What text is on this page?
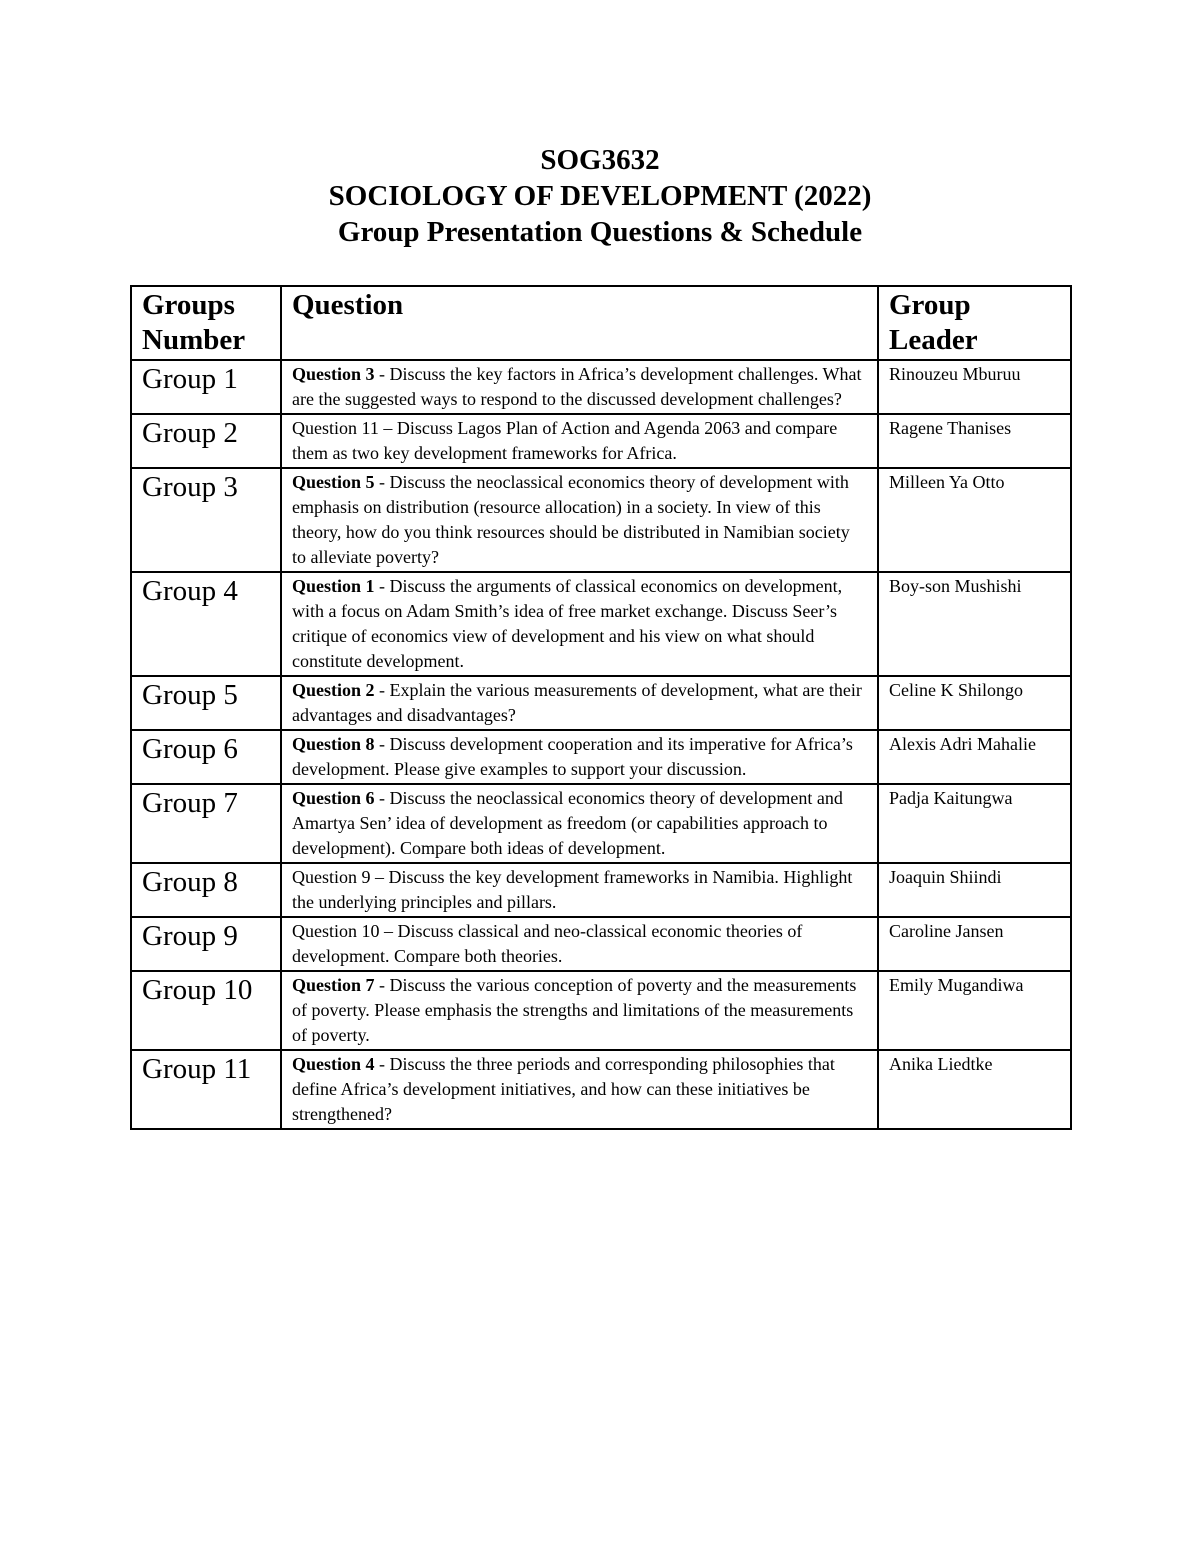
SOG3632
SOCIOLOGY OF DEVELOPMENT (2022)
Group Presentation Questions & Schedule
Groups Number	Question	Group Leader
Group 1	Question 3 - Discuss the key factors in Africa’s development challenges. What are the suggested ways to respond to the discussed development challenges?	Rinouzeu Mburuu
Group 2	Question 11 – Discuss Lagos Plan of Action and Agenda 2063 and compare them as two key development frameworks for Africa.	Ragene Thanises
Group 3	Question 5 - Discuss the neoclassical economics theory of development with emphasis on distribution (resource allocation) in a society. In view of this theory, how do you think resources should be distributed in Namibian society to alleviate poverty?	Milleen Ya Otto
Group 4	Question 1 - Discuss the arguments of classical economics on development, with a focus on Adam Smith’s idea of free market exchange. Discuss Seer’s critique of economics view of development and his view on what should constitute development.	Boy-son Mushishi
Group 5	Question 2 - Explain the various measurements of development, what are their advantages and disadvantages?	Celine K Shilongo
Group 6	Question 8 - Discuss development cooperation and its imperative for Africa’s development. Please give examples to support your discussion.	Alexis Adri Mahalie
Group 7	Question 6 - Discuss the neoclassical economics theory of development and Amartya Sen’ idea of development as freedom (or capabilities approach to development). Compare both ideas of development.	Padja Kaitungwa
Group 8	Question 9 – Discuss the key development frameworks in Namibia. Highlight the underlying principles and pillars.	Joaquin Shiindi
Group 9	Question 10 – Discuss classical and neo-classical economic theories of development. Compare both theories.	Caroline Jansen
Group 10	Question 7 - Discuss the various conception of poverty and the measurements of poverty. Please emphasis the strengths and limitations of the measurements of poverty.	Emily Mugandiwa
Group 11	Question 4 - Discuss the three periods and corresponding philosophies that define Africa’s development initiatives, and how can these initiatives be strengthened?	Anika Liedtke
